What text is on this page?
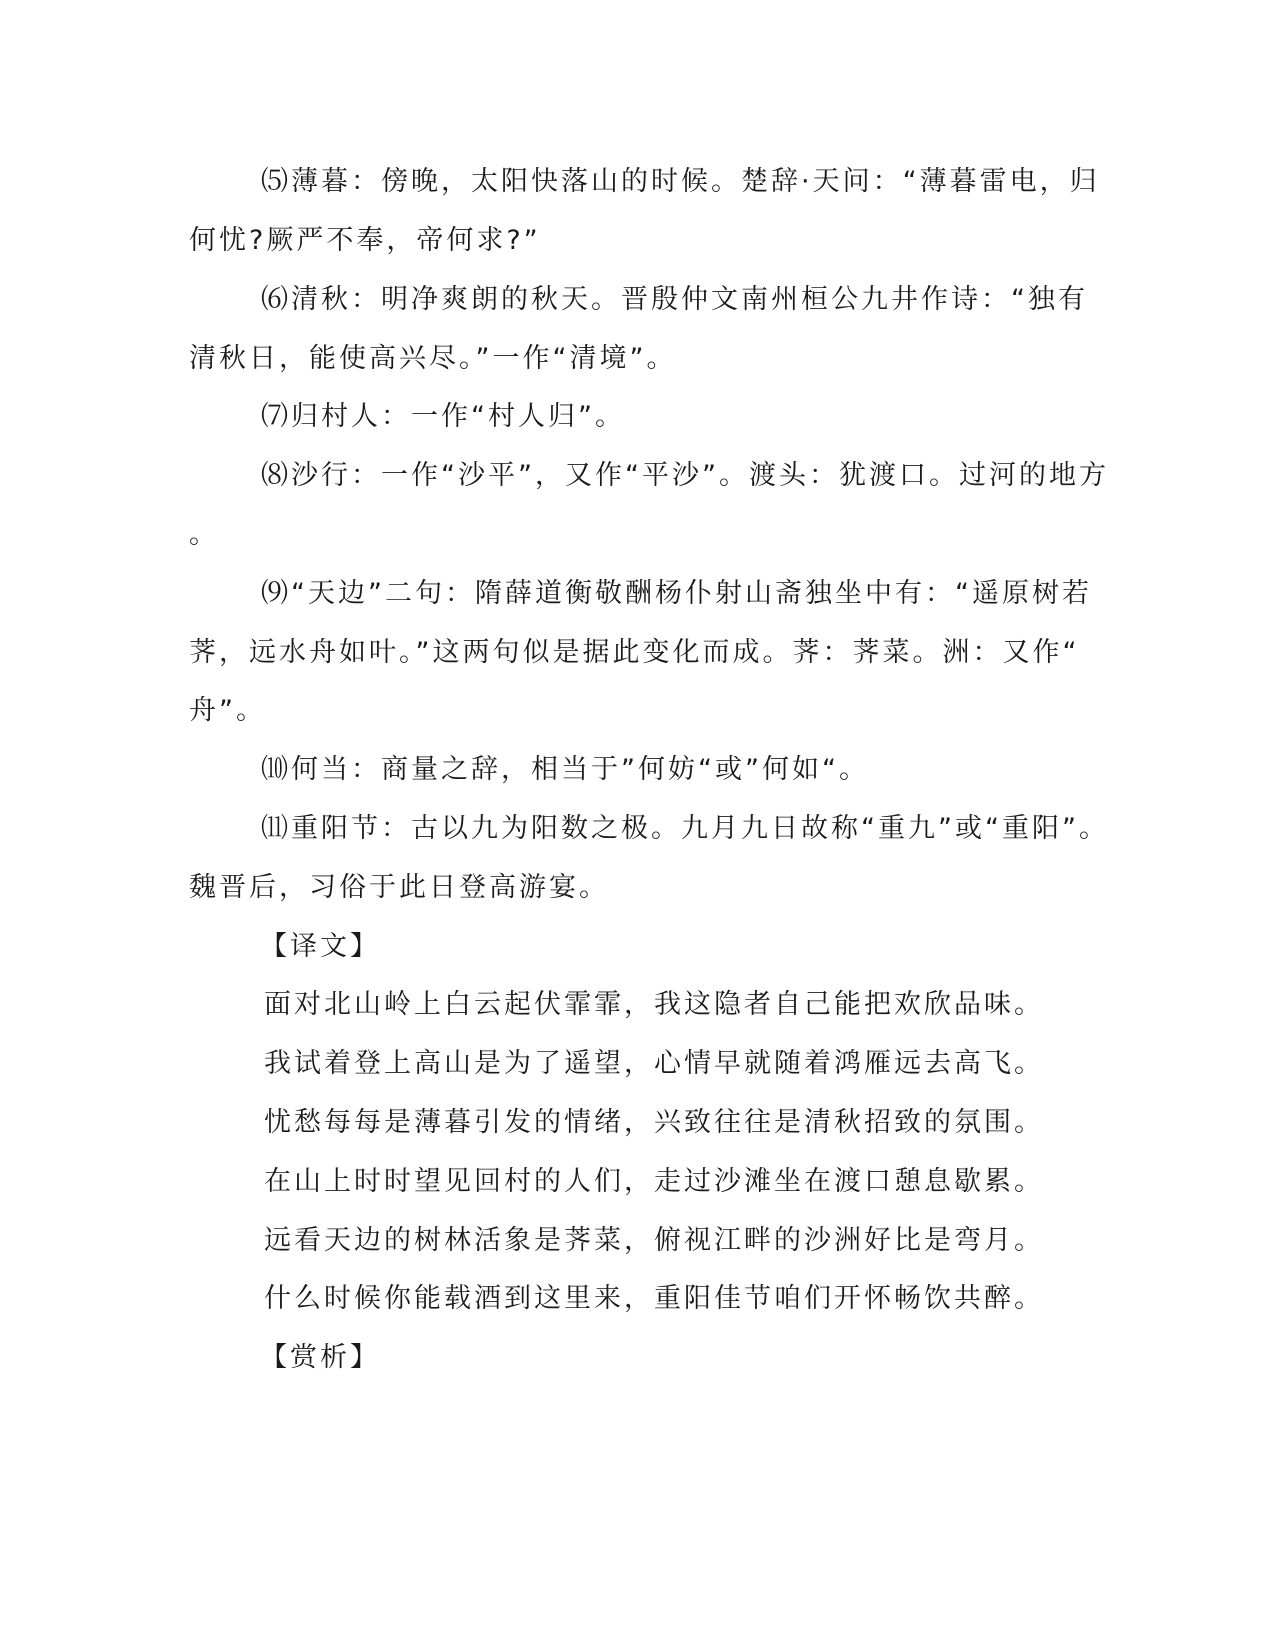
⑸薄暮：傍晚，太阳快落山的时候。楚辞·天问：“薄暮雷电，归
何忧?厥严不奉，帝何求?”
⑹清秋：明净爽朗的秋天。晋殷仲文南州桓公九井作诗：“独有
清秋日，能使高兴尽。”一作“清境”。
⑺归村人：一作“村人归”。
⑻沙行：一作“沙平”，又作“平沙”。渡头：犹渡口。过河的地方
。
⑼“天边”二句：隋薛道衡敬酬杨仆射山斋独坐中有：“遥原树若
荠，远水舟如叶。”这两句似是据此变化而成。荠：荠菜。洲：又作“
舟”。
⑽何当：商量之辞，相当于”何妨“或”何如“。
⑾重阳节：古以九为阳数之极。九月九日故称“重九”或“重阳”。
魏晋后，习俗于此日登高游宴。
【译文】
面对北山岭上白云起伏霏霏，我这隐者自己能把欢欣品味。
我试着登上高山是为了遥望，心情早就随着鸿雁远去高飞。
忧愁每每是薄暮引发的情绪，兴致往往是清秋招致的氛围。
在山上时时望见回村的人们，走过沙滩坐在渡口憩息歇累。
远看天边的树林活象是荠菜，俯视江畔的沙洲好比是弯月。
什么时候你能载酒到这里来，重阳佳节咱们开怀畅饮共醉。
【赏析】
